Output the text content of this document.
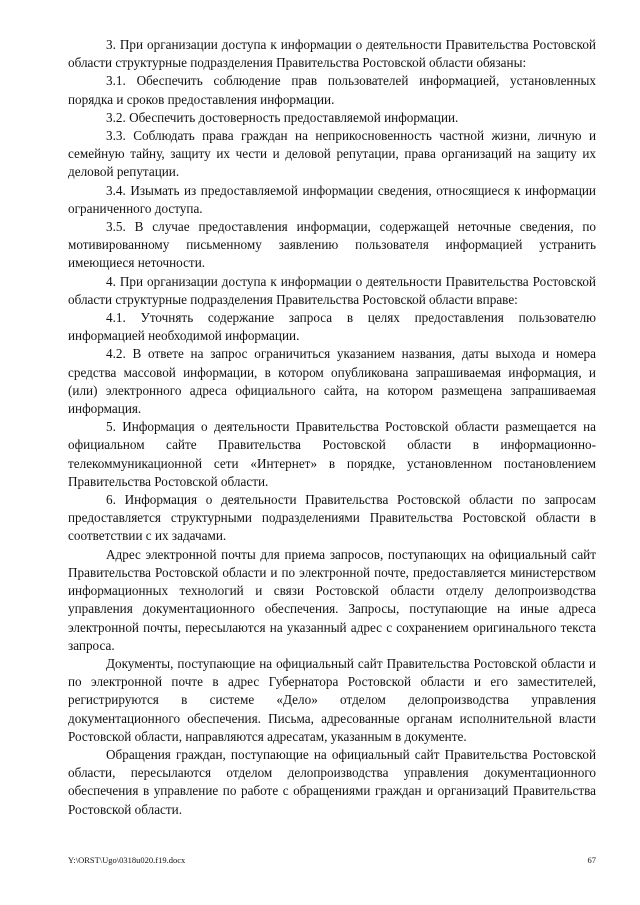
3. При организации доступа к информации о деятельности Правительства Ростовской области структурные подразделения Правительства Ростовской области обязаны:

3.1. Обеспечить соблюдение прав пользователей информацией, установленных порядка и сроков предоставления информации.

3.2. Обеспечить достоверность предоставляемой информации.

3.3. Соблюдать права граждан на неприкосновенность частной жизни, личную и семейную тайну, защиту их чести и деловой репутации, права организаций на защиту их деловой репутации.

3.4. Изымать из предоставляемой информации сведения, относящиеся к информации ограниченного доступа.

3.5. В случае предоставления информации, содержащей неточные сведения, по мотивированному письменному заявлению пользователя информацией устранить имеющиеся неточности.

4. При организации доступа к информации о деятельности Правительства Ростовской области структурные подразделения Правительства Ростовской области вправе:

4.1. Уточнять содержание запроса в целях предоставления пользователю информацией необходимой информации.

4.2. В ответе на запрос ограничиться указанием названия, даты выхода и номера средства массовой информации, в котором опубликована запрашиваемая информация, и (или) электронного адреса официального сайта, на котором размещена запрашиваемая информация.

5. Информация о деятельности Правительства Ростовской области размещается на официальном сайте Правительства Ростовской области в информационно-телекоммуникационной сети «Интернет» в порядке, установленном постановлением Правительства Ростовской области.

6. Информация о деятельности Правительства Ростовской области по запросам предоставляется структурными подразделениями Правительства Ростовской области в соответствии с их задачами.

Адрес электронной почты для приема запросов, поступающих на официальный сайт Правительства Ростовской области и по электронной почте, предоставляется министерством информационных технологий и связи Ростовской области отделу делопроизводства управления документационного обеспечения. Запросы, поступающие на иные адреса электронной почты, пересылаются на указанный адрес с сохранением оригинального текста запроса.

Документы, поступающие на официальный сайт Правительства Ростовской области и по электронной почте в адрес Губернатора Ростовской области и его заместителей, регистрируются в системе «Дело» отделом делопроизводства управления документационного обеспечения. Письма, адресованные органам исполнительной власти Ростовской области, направляются адресатам, указанным в документе.

Обращения граждан, поступающие на официальный сайт Правительства Ростовской области, пересылаются отделом делопроизводства управления документационного обеспечения в управление по работе с обращениями граждан и организаций Правительства Ростовской области.

Y:\ORST\Ugo\0318u020.f19.docx	67
